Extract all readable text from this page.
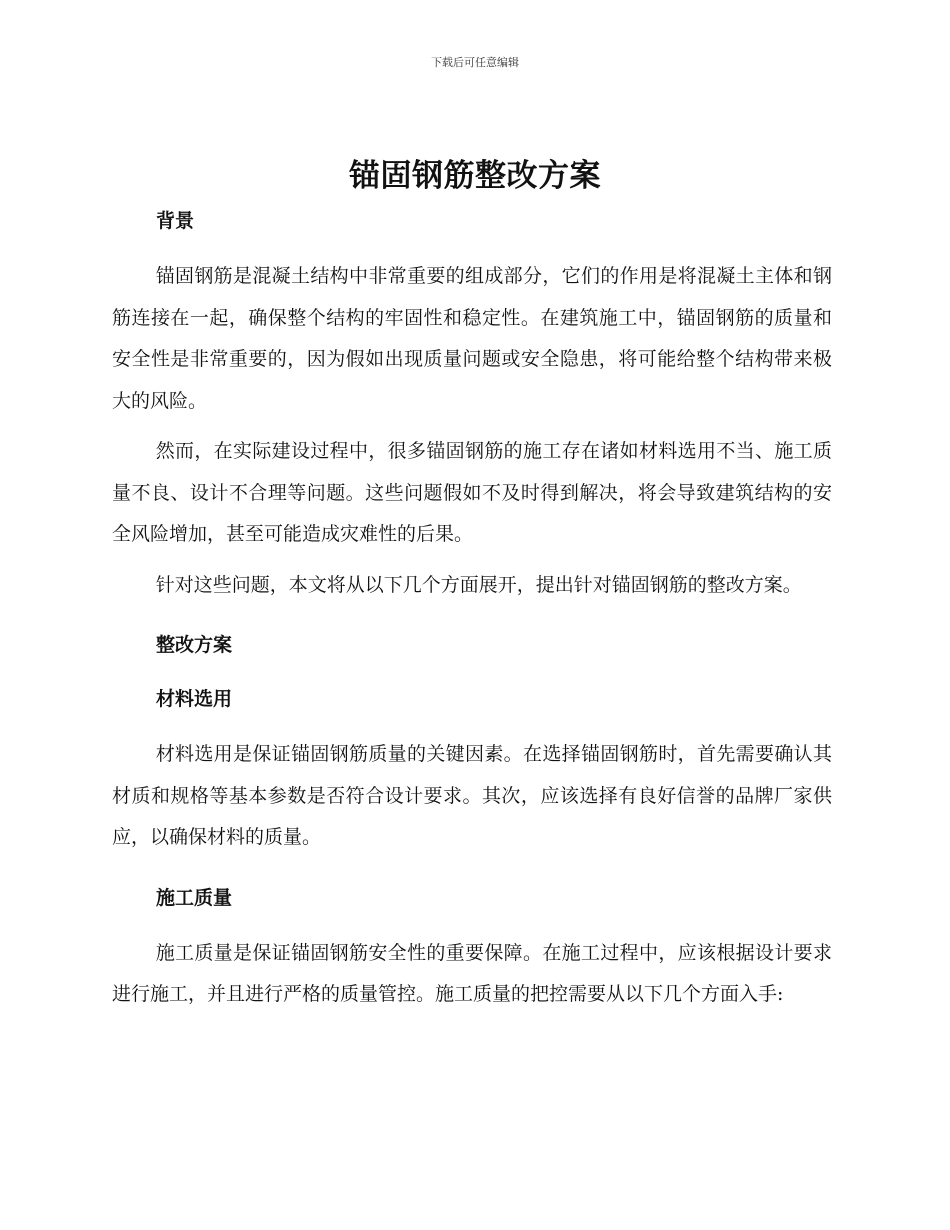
下载后可任意编辑
锚固钢筋整改方案
背景

锚固钢筋是混凝土结构中非常重要的组成部分，它们的作用是将混凝土主体和钢筋连接在一起，确保整个结构的牢固性和稳定性。在建筑施工中，锚固钢筋的质量和安全性是非常重要的，因为假如出现质量问题或安全隐患，将可能给整个结构带来极大的风险。

然而，在实际建设过程中，很多锚固钢筋的施工存在诸如材料选用不当、施工质量不良、设计不合理等问题。这些问题假如不及时得到解决，将会导致建筑结构的安全风险增加，甚至可能造成灾难性的后果。

针对这些问题，本文将从以下几个方面展开，提出针对锚固钢筋的整改方案。

整改方案
材料选用

材料选用是保证锚固钢筋质量的关键因素。在选择锚固钢筋时，首先需要确认其材质和规格等基本参数是否符合设计要求。其次，应该选择有良好信誉的品牌厂家供应，以确保材料的质量。

施工质量

施工质量是保证锚固钢筋安全性的重要保障。在施工过程中，应该根据设计要求进行施工，并且进行严格的质量管控。施工质量的把控需要从以下几个方面入手:
